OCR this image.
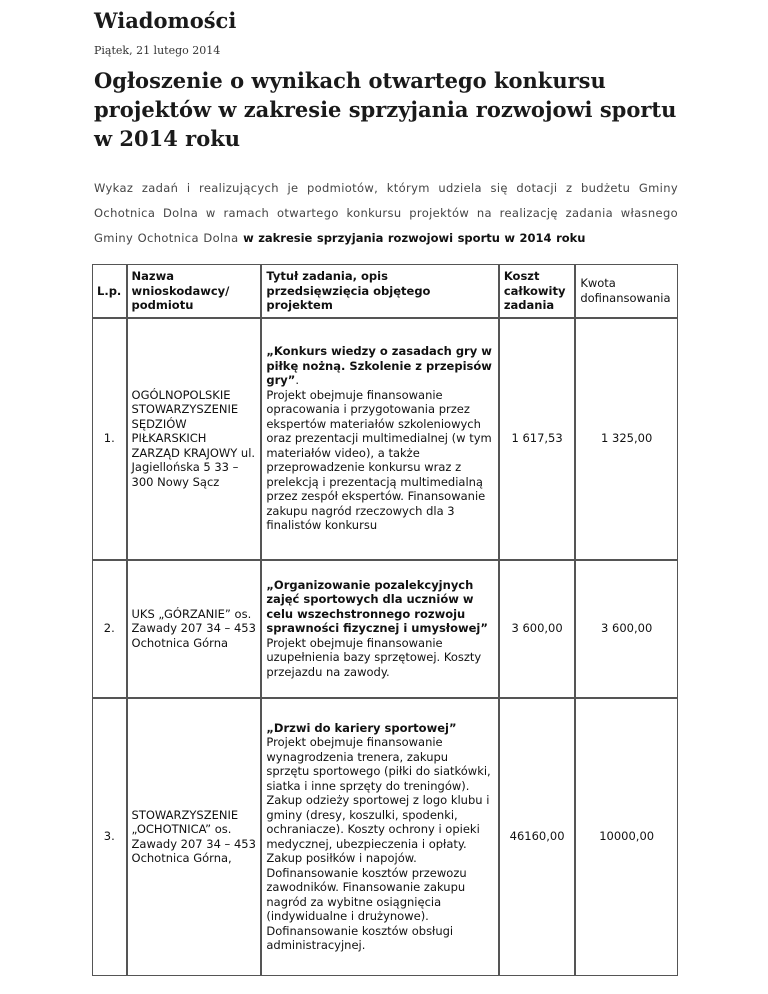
Wiadomości
Piątek, 21 lutego 2014
Ogłoszenie o wynikach otwartego konkursu projektów w zakresie sprzyjania rozwojowi sportu w 2014 roku

Wykaz zadań i realizujących je podmiotów, którym udziela się dotacji z budżetu Gminy Ochotnica Dolna w ramach otwartego konkursu projektów na realizację zadania własnego Gminy Ochotnica Dolna w zakresie sprzyjania rozwojowi sportu w 2014 roku

L.p.	Nazwa wnioskodawcy/ podmiotu	Tytuł zadania, opis przedsięwzięcia objętego projektem	Koszt całkowity zadania	Kwota dofinansowania
1.	OGÓLNOPOLSKIE STOWARZYSZENIE SĘDZIÓW PIŁKARSKICH ZARZĄD KRAJOWY ul. Jagiellońska 5 33 – 300 Nowy Sącz	„Konkurs wiedzy o zasadach gry w piłkę nożną. Szkolenie z przepisów gry”.
Projekt obejmuje finansowanie opracowania i przygotowania przez ekspertów materiałów szkoleniowych oraz prezentacji multimedialnej (w tym materiałów video), a także przeprowadzenie konkursu wraz z prelekcją i prezentacją multimedialną przez zespół ekspertów. Finansowanie zakupu nagród rzeczowych dla 3 finalistów konkursu	1 617,53	1 325,00
2.	UKS „GÓRZANIE” os. Zawady 207 34 – 453 Ochotnica Górna	„Organizowanie pozalekcyjnych zajęć sportowych dla uczniów w celu wszechstronnego rozwoju sprawności fizycznej i umysłowej”
Projekt obejmuje finansowanie uzupełnienia bazy sprzętowej. Koszty przejazdu na zawody.	3 600,00	3 600,00
3.	STOWARZYSZENIE „OCHOTNICA” os. Zawady 207 34 – 453 Ochotnica Górna,	„Drzwi do kariery sportowej”
Projekt obejmuje finansowanie wynagrodzenia trenera, zakupu sprzętu sportowego (piłki do siatkówki, siatka i inne sprzęty do treningów). Zakup odzieży sportowej z logo klubu i gminy (dresy, koszulki, spodenki, ochraniacze). Koszty ochrony i opieki medycznej, ubezpieczenia i opłaty. Zakup posiłków i napojów. Dofinansowanie kosztów przewozu zawodników. Finansowanie zakupu nagród za wybitne osiągnięcia (indywidualne i drużynowe). Dofinansowanie kosztów obsługi administracyjnej.	46160,00	10000,00
